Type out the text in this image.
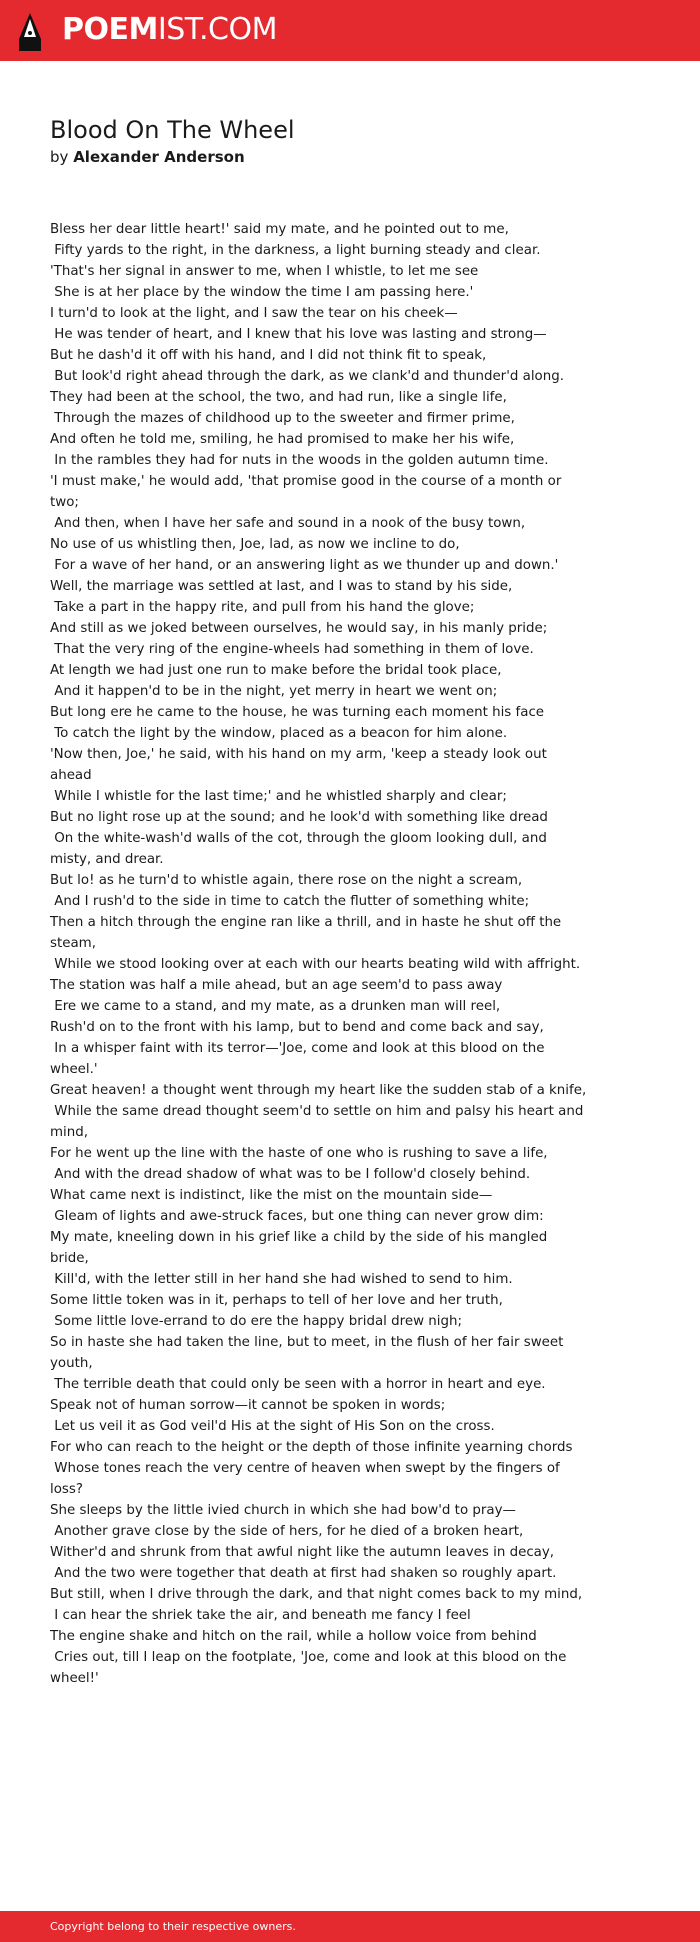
POEMIST.COM
Blood On The Wheel
by Alexander Anderson
Bless her dear little heart!' said my mate, and he pointed out to me,
Fifty yards to the right, in the darkness, a light burning steady and clear.
'That's her signal in answer to me, when I whistle, to let me see
She is at her place by the window the time I am passing here.'
I turn'd to look at the light, and I saw the tear on his cheek—
He was tender of heart, and I knew that his love was lasting and strong—
But he dash'd it off with his hand, and I did not think fit to speak,
But look'd right ahead through the dark, as we clank'd and thunder'd along.
They had been at the school, the two, and had run, like a single life,
Through the mazes of childhood up to the sweeter and firmer prime,
And often he told me, smiling, he had promised to make her his wife,
In the rambles they had for nuts in the woods in the golden autumn time.
'I must make,' he would add, 'that promise good in the course of a month or two;
And then, when I have her safe and sound in a nook of the busy town,
No use of us whistling then, Joe, lad, as now we incline to do,
For a wave of her hand, or an answering light as we thunder up and down.'
Well, the marriage was settled at last, and I was to stand by his side,
Take a part in the happy rite, and pull from his hand the glove;
And still as we joked between ourselves, he would say, in his manly pride;
That the very ring of the engine-wheels had something in them of love.
At length we had just one run to make before the bridal took place,
And it happen'd to be in the night, yet merry in heart we went on;
But long ere he came to the house, he was turning each moment his face
To catch the light by the window, placed as a beacon for him alone.
'Now then, Joe,' he said, with his hand on my arm, 'keep a steady look out ahead
While I whistle for the last time;' and he whistled sharply and clear;
But no light rose up at the sound; and he look'd with something like dread
On the white-wash'd walls of the cot, through the gloom looking dull, and misty, and drear.
But lo! as he turn'd to whistle again, there rose on the night a scream,
And I rush'd to the side in time to catch the flutter of something white;
Then a hitch through the engine ran like a thrill, and in haste he shut off the steam,
While we stood looking over at each with our hearts beating wild with affright.
The station was half a mile ahead, but an age seem'd to pass away
Ere we came to a stand, and my mate, as a drunken man will reel,
Rush'd on to the front with his lamp, but to bend and come back and say,
In a whisper faint with its terror—'Joe, come and look at this blood on the wheel.'
Great heaven! a thought went through my heart like the sudden stab of a knife,
While the same dread thought seem'd to settle on him and palsy his heart and mind,
For he went up the line with the haste of one who is rushing to save a life,
And with the dread shadow of what was to be I follow'd closely behind.
What came next is indistinct, like the mist on the mountain side—
Gleam of lights and awe-struck faces, but one thing can never grow dim:
My mate, kneeling down in his grief like a child by the side of his mangled bride,
Kill'd, with the letter still in her hand she had wished to send to him.
Some little token was in it, perhaps to tell of her love and her truth,
Some little love-errand to do ere the happy bridal drew nigh;
So in haste she had taken the line, but to meet, in the flush of her fair sweet youth,
The terrible death that could only be seen with a horror in heart and eye.
Speak not of human sorrow—it cannot be spoken in words;
Let us veil it as God veil'd His at the sight of His Son on the cross.
For who can reach to the height or the depth of those infinite yearning chords
Whose tones reach the very centre of heaven when swept by the fingers of loss?
She sleeps by the little ivied church in which she had bow'd to pray—
Another grave close by the side of hers, for he died of a broken heart,
Wither'd and shrunk from that awful night like the autumn leaves in decay,
And the two were together that death at first had shaken so roughly apart.
But still, when I drive through the dark, and that night comes back to my mind,
I can hear the shriek take the air, and beneath me fancy I feel
The engine shake and hitch on the rail, while a hollow voice from behind
Cries out, till I leap on the footplate, 'Joe, come and look at this blood on the wheel!'
Copyright belong to their respective owners.
